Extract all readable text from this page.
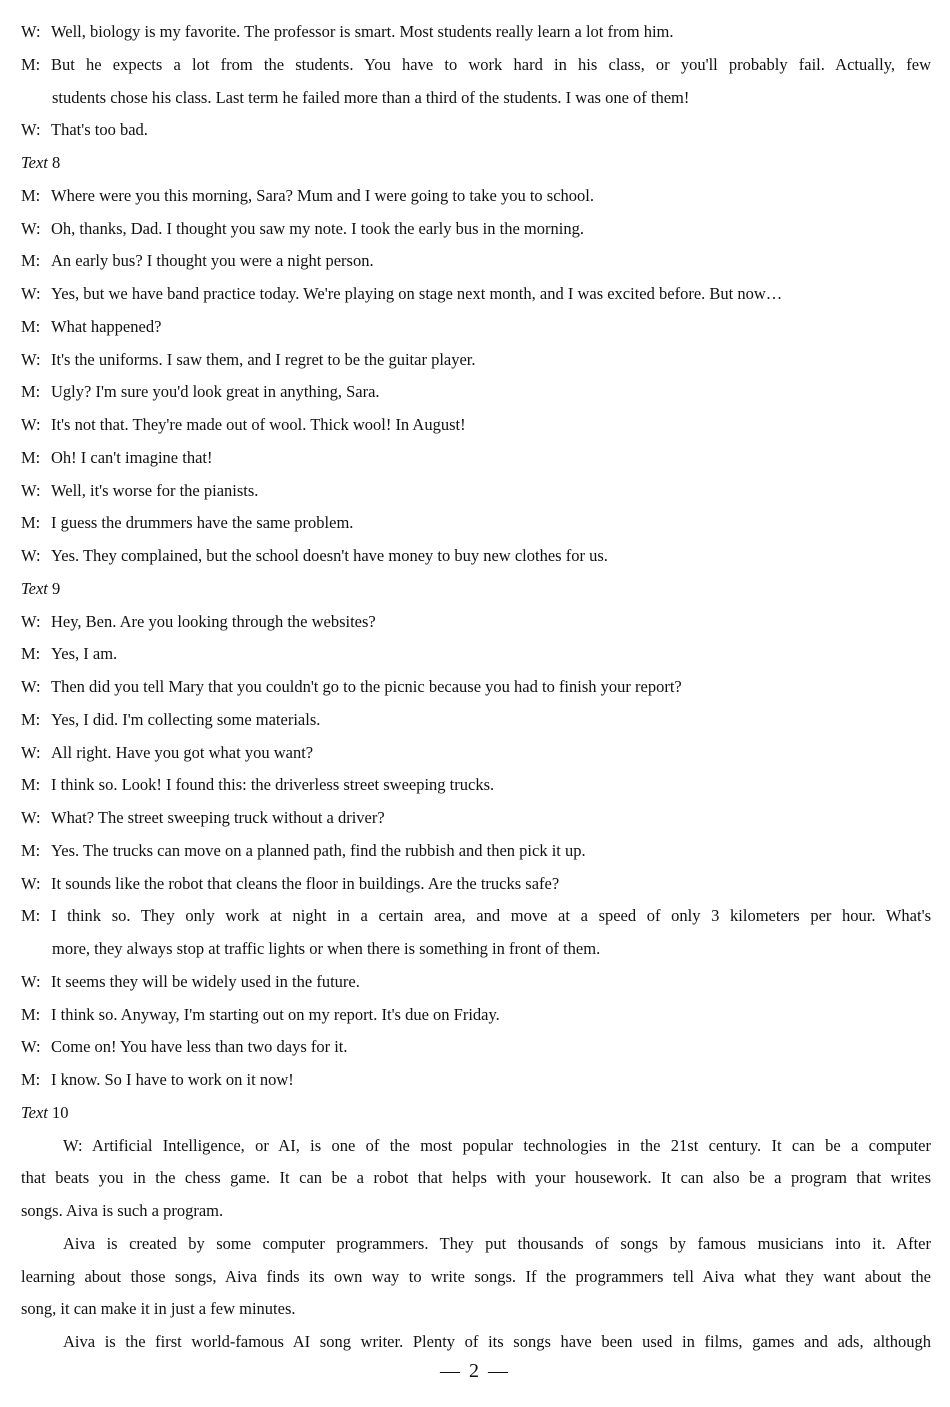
W: Well, biology is my favorite. The professor is smart. Most students really learn a lot from him.
M: But he expects a lot from the students. You have to work hard in his class, or you'll probably fail. Actually, few
students chose his class. Last term he failed more than a third of the students. I was one of them!
W: That's too bad.
Text 8
M: Where were you this morning, Sara? Mum and I were going to take you to school.
W: Oh, thanks, Dad. I thought you saw my note. I took the early bus in the morning.
M: An early bus? I thought you were a night person.
W: Yes, but we have band practice today. We're playing on stage next month, and I was excited before. But now…
M: What happened?
W: It's the uniforms. I saw them, and I regret to be the guitar player.
M: Ugly? I'm sure you'd look great in anything, Sara.
W: It's not that. They're made out of wool. Thick wool! In August!
M: Oh! I can't imagine that!
W: Well, it's worse for the pianists.
M: I guess the drummers have the same problem.
W: Yes. They complained, but the school doesn't have money to buy new clothes for us.
Text 9
W: Hey, Ben. Are you looking through the websites?
M: Yes, I am.
W: Then did you tell Mary that you couldn't go to the picnic because you had to finish your report?
M: Yes, I did. I'm collecting some materials.
W: All right. Have you got what you want?
M: I think so. Look! I found this: the driverless street sweeping trucks.
W: What? The street sweeping truck without a driver?
M: Yes. The trucks can move on a planned path, find the rubbish and then pick it up.
W: It sounds like the robot that cleans the floor in buildings. Are the trucks safe?
M: I think so. They only work at night in a certain area, and move at a speed of only 3 kilometers per hour. What's
more, they always stop at traffic lights or when there is something in front of them.
W: It seems they will be widely used in the future.
M: I think so. Anyway, I'm starting out on my report. It's due on Friday.
W: Come on! You have less than two days for it.
M: I know. So I have to work on it now!
Text 10
W: Artificial Intelligence, or AI, is one of the most popular technologies in the 21st century. It can be a computer
that beats you in the chess game. It can be a robot that helps with your housework. It can also be a program that writes
songs. Aiva is such a program.
Aiva is created by some computer programmers. They put thousands of songs by famous musicians into it. After
learning about those songs, Aiva finds its own way to write songs. If the programmers tell Aiva what they want about the
song, it can make it in just a few minutes.
Aiva is the first world-famous AI song writer. Plenty of its songs have been used in films, games and ads, although
— 2 —
